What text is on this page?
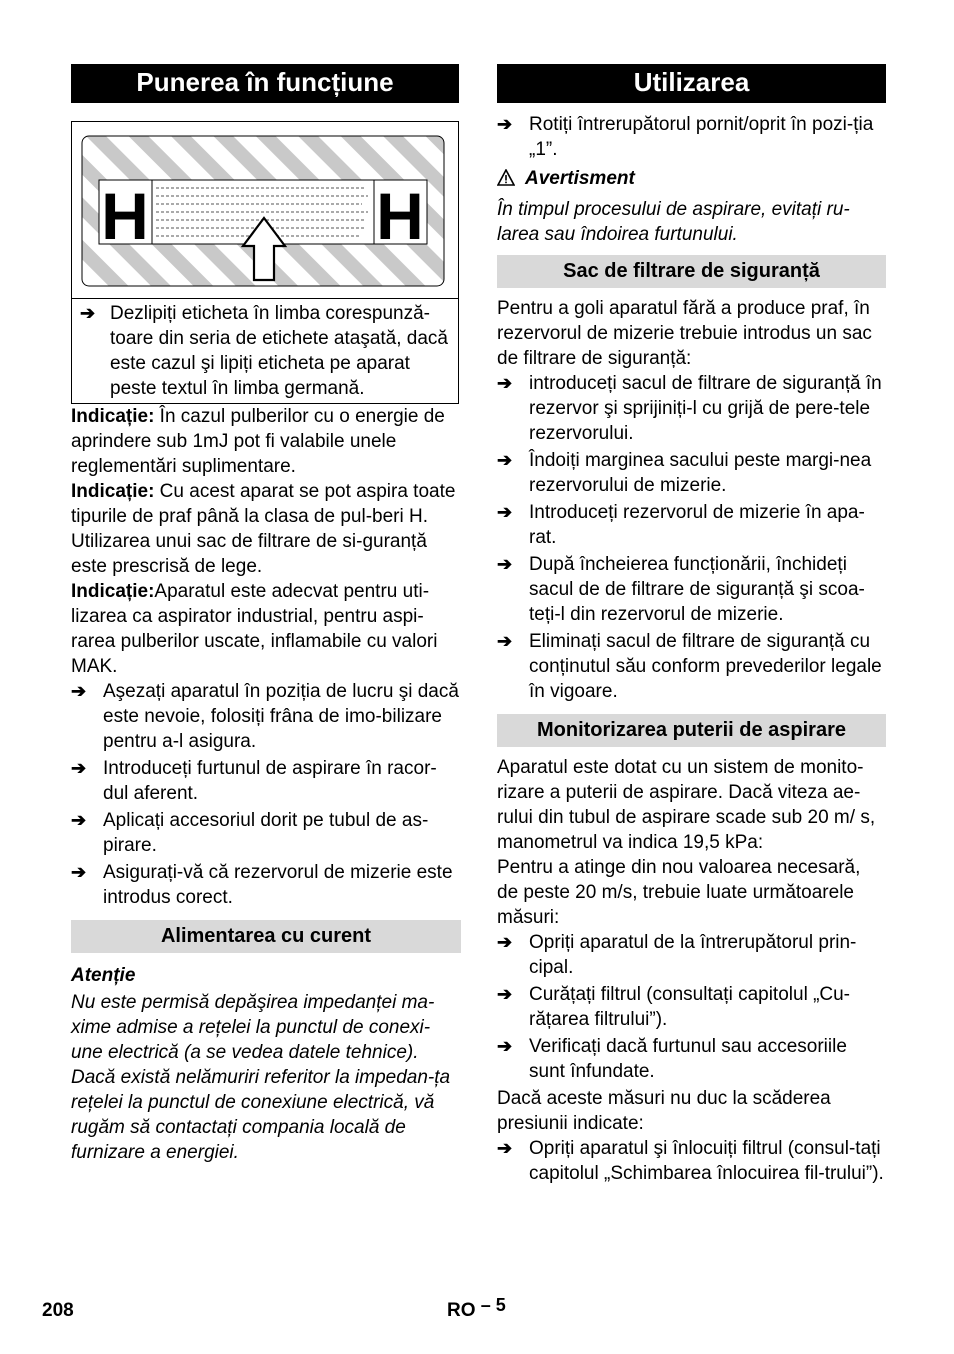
Punerea în funcțiune
H	H
➔ Dezlipiți eticheta în limba corespunză-toare din seria de etichete ataşată, dacă este cazul şi lipiți eticheta pe aparat peste textul în limba germană.

Indicație: În cazul pulberilor cu o energie de aprindere sub 1mJ pot fi valabile unele reglementări suplimentare.

Indicație: Cu acest aparat se pot aspira toate tipurile de praf până la clasa de pul-beri H. Utilizarea unui sac de filtrare de si-guranță este prescrisă de lege.

Indicație:Aparatul este adecvat pentru uti-lizarea ca aspirator industrial, pentru aspi-rarea pulberilor uscate, inflamabile cu valori MAK.

➔ Aşezați aparatul în poziția de lucru şi dacă este nevoie, folosiți frâna de imo-bilizare pentru a-l asigura.
➔ Introduceți furtunul de aspirare în racor-dul aferent.
➔ Aplicați accesoriul dorit pe tubul de as-pirare.
➔ Asigurați-vă că rezervorul de mizerie este introdus corect.
Alimentarea cu curent

Atenție

Nu este permisă depăşirea impedanței ma-xime admise a rețelei la punctul de conexi-une electrică (a se vedea datele tehnice). Dacă există nelămuriri referitor la impedan-ța rețelei la punctul de conexiune electrică, vă rugăm să contactați compania locală de furnizare a energiei.

Utilizarea
➔ Rotiți întrerupătorul pornit/oprit în pozi-ția „1”.

Avertisment

În timpul procesului de aspirare, evitați ru-larea sau îndoirea furtunului.

Sac de filtrare de siguranță

Pentru a goli aparatul fără a produce praf, în rezervorul de mizerie trebuie introdus un sac de filtrare de siguranță:

➔ introduceți sacul de filtrare de siguranță în rezervor şi sprijiniți-l cu grijă de pere-tele rezervorului.
➔ Îndoiți marginea sacului peste margi-nea rezervorului de mizerie.
➔ Introduceți rezervorul de mizerie în apa-rat.
➔ După încheierea funcționării, închideți sacul de de filtrare de siguranță şi scoa-teți-l din rezervorul de mizerie.
➔ Eliminați sacul de filtrare de siguranță cu conținutul său conform prevederilor legale în vigoare.
Monitorizarea puterii de aspirare

Aparatul este dotat cu un sistem de monito-rizare a puterii de aspirare. Dacă viteza ae-rului din tubul de aspirare scade sub 20 m/ s, manometrul va indica 19,5 kPa:

Pentru a atinge din nou valoarea necesară, de peste 20 m/s, trebuie luate următoarele măsuri:

➔ Opriți aparatul de la întrerupătorul prin-cipal.
➔ Curățați filtrul (consultați capitolul „Cu-rățarea filtrului”).
➔ Verificați dacă furtunul sau accesoriile sunt înfundate.

Dacă aceste măsuri nu duc la scăderea presiunii indicate:

➔ Opriți aparatul şi înlocuiți filtrul (consul-tați capitolul „Schimbarea înlocuirea fil-trului”).
208	RO – 5
